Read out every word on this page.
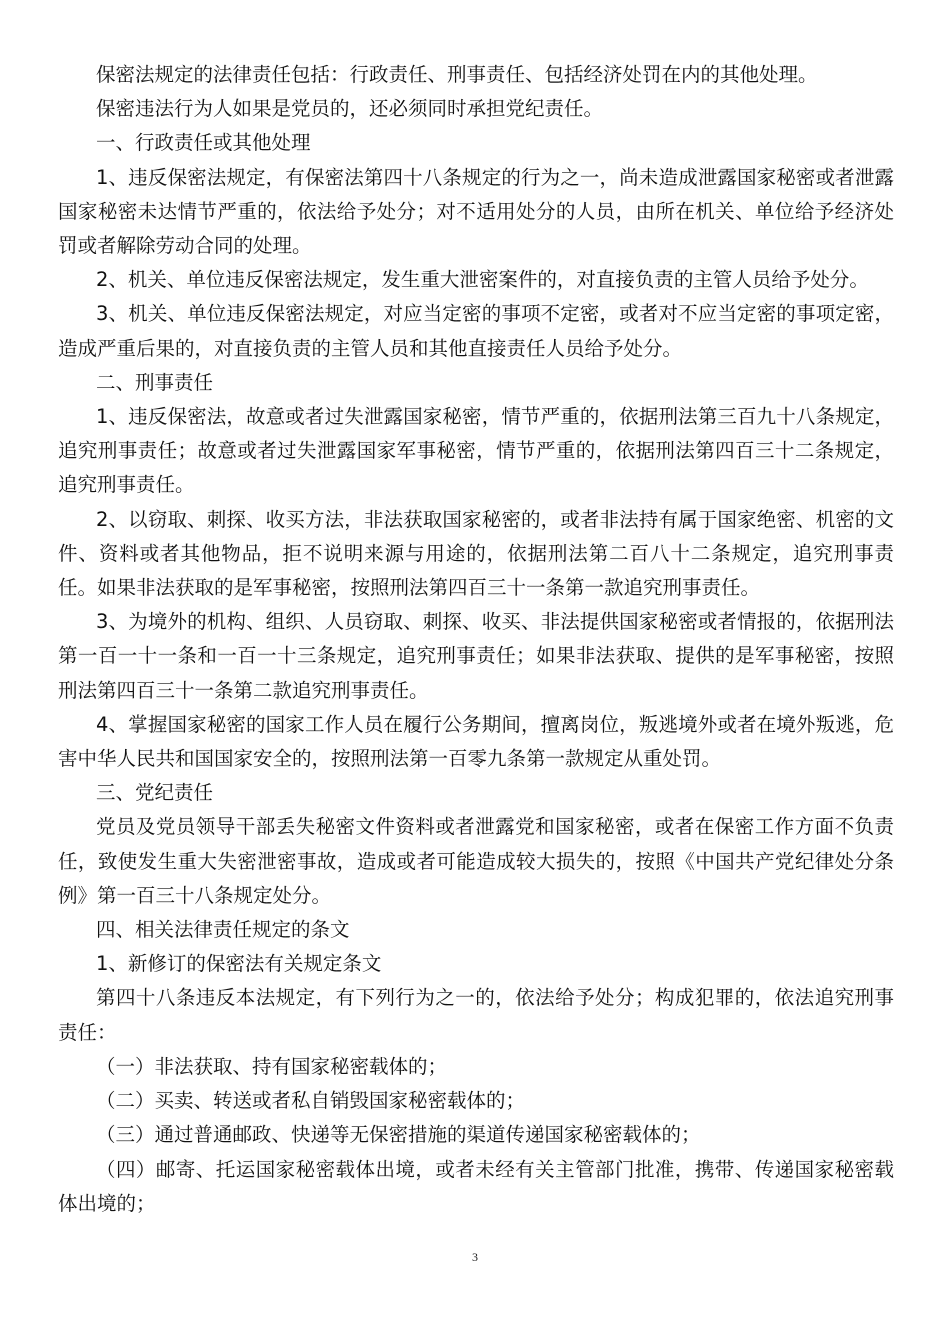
保密法规定的法律责任包括：行政责任、刑事责任、包括经济处罚在内的其他处理。

保密违法行为人如果是党员的，还必须同时承担党纪责任。

一、行政责任或其他处理

1、违反保密法规定，有保密法第四十八条规定的行为之一，尚未造成泄露国家秘密或者泄露国家秘密未达情节严重的，依法给予处分；对不适用处分的人员，由所在机关、单位给予经济处罚或者解除劳动合同的处理。

2、机关、单位违反保密法规定，发生重大泄密案件的，对直接负责的主管人员给予处分。

3、机关、单位违反保密法规定，对应当定密的事项不定密，或者对不应当定密的事项定密，造成严重后果的，对直接负责的主管人员和其他直接责任人员给予处分。

二、刑事责任

1、违反保密法，故意或者过失泄露国家秘密，情节严重的，依据刑法第三百九十八条规定，追究刑事责任；故意或者过失泄露国家军事秘密，情节严重的，依据刑法第四百三十二条规定，追究刑事责任。

2、以窃取、刺探、收买方法，非法获取国家秘密的，或者非法持有属于国家绝密、机密的文件、资料或者其他物品，拒不说明来源与用途的，依据刑法第二百八十二条规定，追究刑事责任。如果非法获取的是军事秘密，按照刑法第四百三十一条第一款追究刑事责任。

3、为境外的机构、组织、人员窃取、刺探、收买、非法提供国家秘密或者情报的，依据刑法第一百一十一条和一百一十三条规定，追究刑事责任；如果非法获取、提供的是军事秘密，按照刑法第四百三十一条第二款追究刑事责任。

4、掌握国家秘密的国家工作人员在履行公务期间，擅离岗位，叛逃境外或者在境外叛逃，危害中华人民共和国国家安全的，按照刑法第一百零九条第一款规定从重处罚。

三、党纪责任

党员及党员领导干部丢失秘密文件资料或者泄露党和国家秘密，或者在保密工作方面不负责任，致使发生重大失密泄密事故，造成或者可能造成较大损失的，按照《中国共产党纪律处分条例》第一百三十八条规定处分。

四、相关法律责任规定的条文

1、新修订的保密法有关规定条文

第四十八条违反本法规定，有下列行为之一的，依法给予处分；构成犯罪的，依法追究刑事责任：

（一）非法获取、持有国家秘密载体的；

（二）买卖、转送或者私自销毁国家秘密载体的；

（三）通过普通邮政、快递等无保密措施的渠道传递国家秘密载体的；

（四）邮寄、托运国家秘密载体出境，或者未经有关主管部门批准，携带、传递国家秘密载体出境的；

3
